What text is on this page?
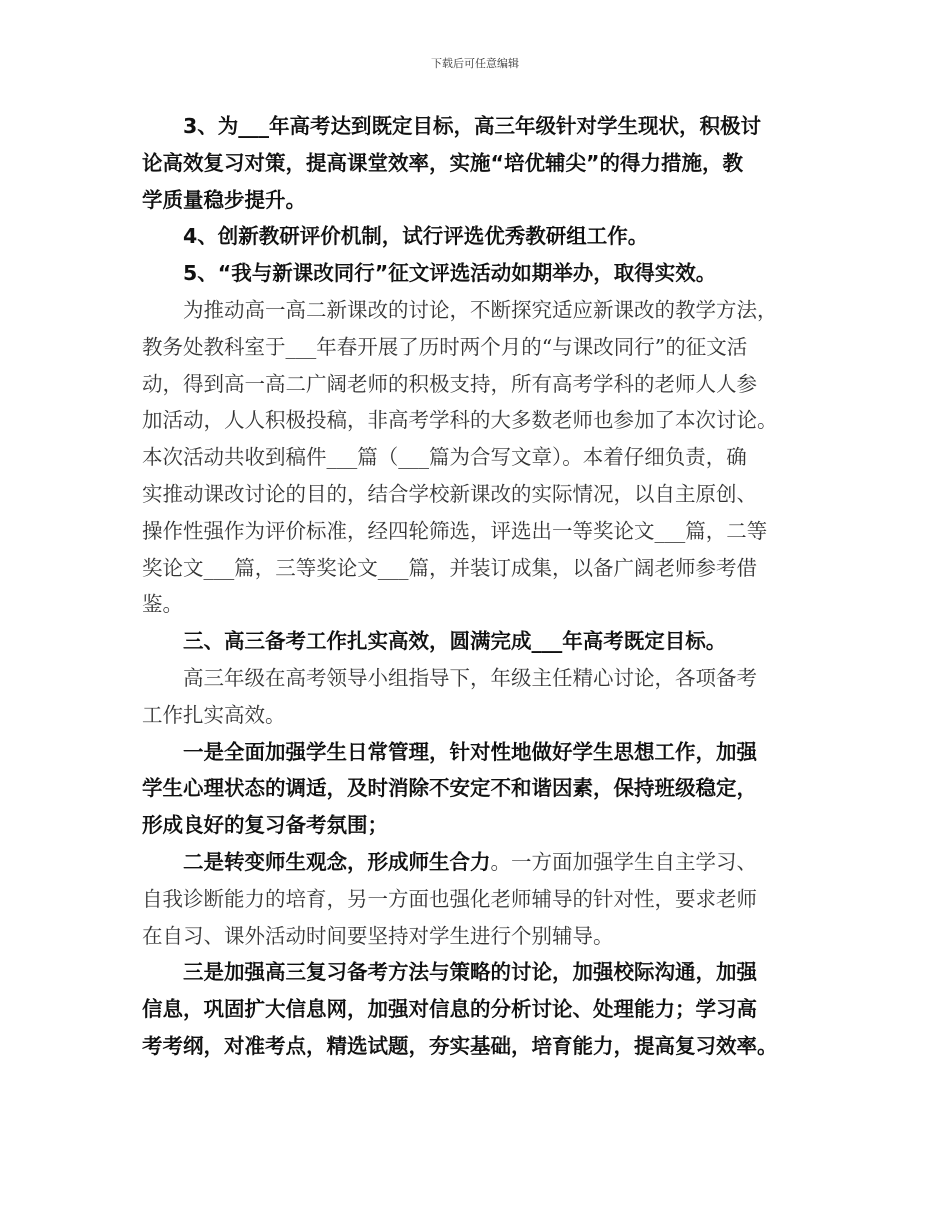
下载后可任意编辑
3、为___年高考达到既定目标，高三年级针对学生现状，积极讨
论高效复习对策，提高课堂效率，实施“培优辅尖”的得力措施，教
学质量稳步提升。
4、创新教研评价机制，试行评选优秀教研组工作。
5、“我与新课改同行”征文评选活动如期举办，取得实效。
为推动高一高二新课改的讨论，不断探究适应新课改的教学方法，
教务处教科室于___年春开展了历时两个月的“与课改同行”的征文活
动，得到高一高二广阔老师的积极支持，所有高考学科的老师人人参
加活动，人人积极投稿，非高考学科的大多数老师也参加了本次讨论。
本次活动共收到稿件___篇（___篇为合写文章）。本着仔细负责，确
实推动课改讨论的目的，结合学校新课改的实际情况，以自主原创、
操作性强作为评价标准，经四轮筛选，评选出一等奖论文___篇，二等
奖论文___篇，三等奖论文___篇，并装订成集，以备广阔老师参考借
鉴。
三、高三备考工作扎实高效，圆满完成___年高考既定目标。
高三年级在高考领导小组指导下，年级主任精心讨论，各项备考
工作扎实高效。
一是全面加强学生日常管理，针对性地做好学生思想工作，加强
学生心理状态的调适，及时消除不安定不和谐因素，保持班级稳定，
形成良好的复习备考氛围；
二是转变师生观念，形成师生合力。一方面加强学生自主学习、
自我诊断能力的培育，另一方面也强化老师辅导的针对性，要求老师
在自习、课外活动时间要坚持对学生进行个别辅导。
三是加强高三复习备考方法与策略的讨论，加强校际沟通，加强
信息，巩固扩大信息网，加强对信息的分析讨论、处理能力；学习高
考考纲，对准考点，精选试题，夯实基础，培育能力，提高复习效率。
